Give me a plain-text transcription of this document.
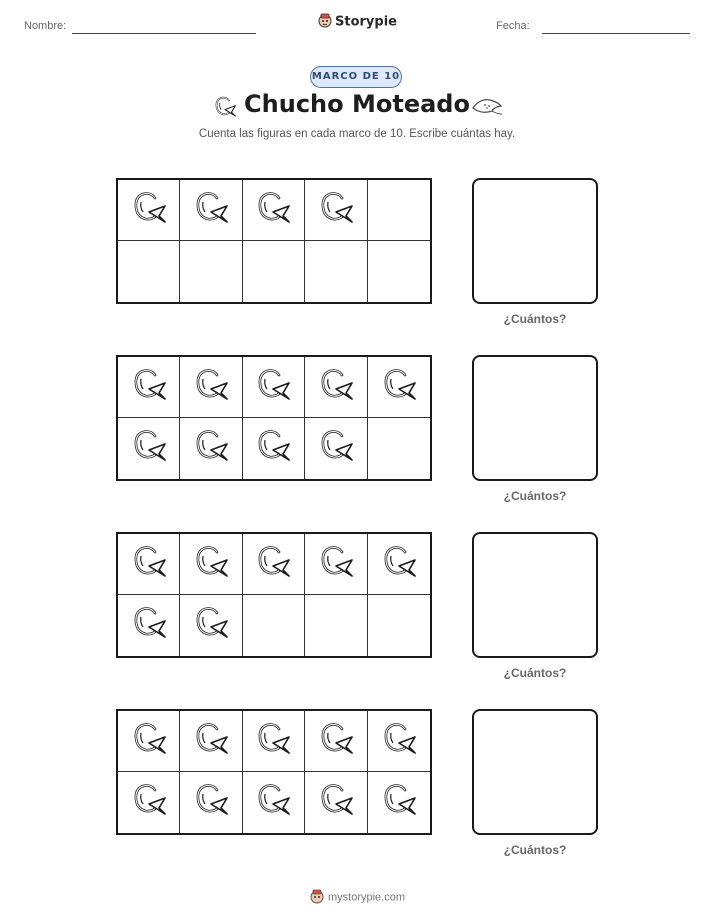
Nombre:	Storypie	Fecha:
MARCO DE 10
Chucho Moteado
Cuenta las figuras en cada marco de 10. Escribe cuántas hay.
¿Cuántos?
¿Cuántos?
¿Cuántos?
¿Cuántos?
mystorypie.com
